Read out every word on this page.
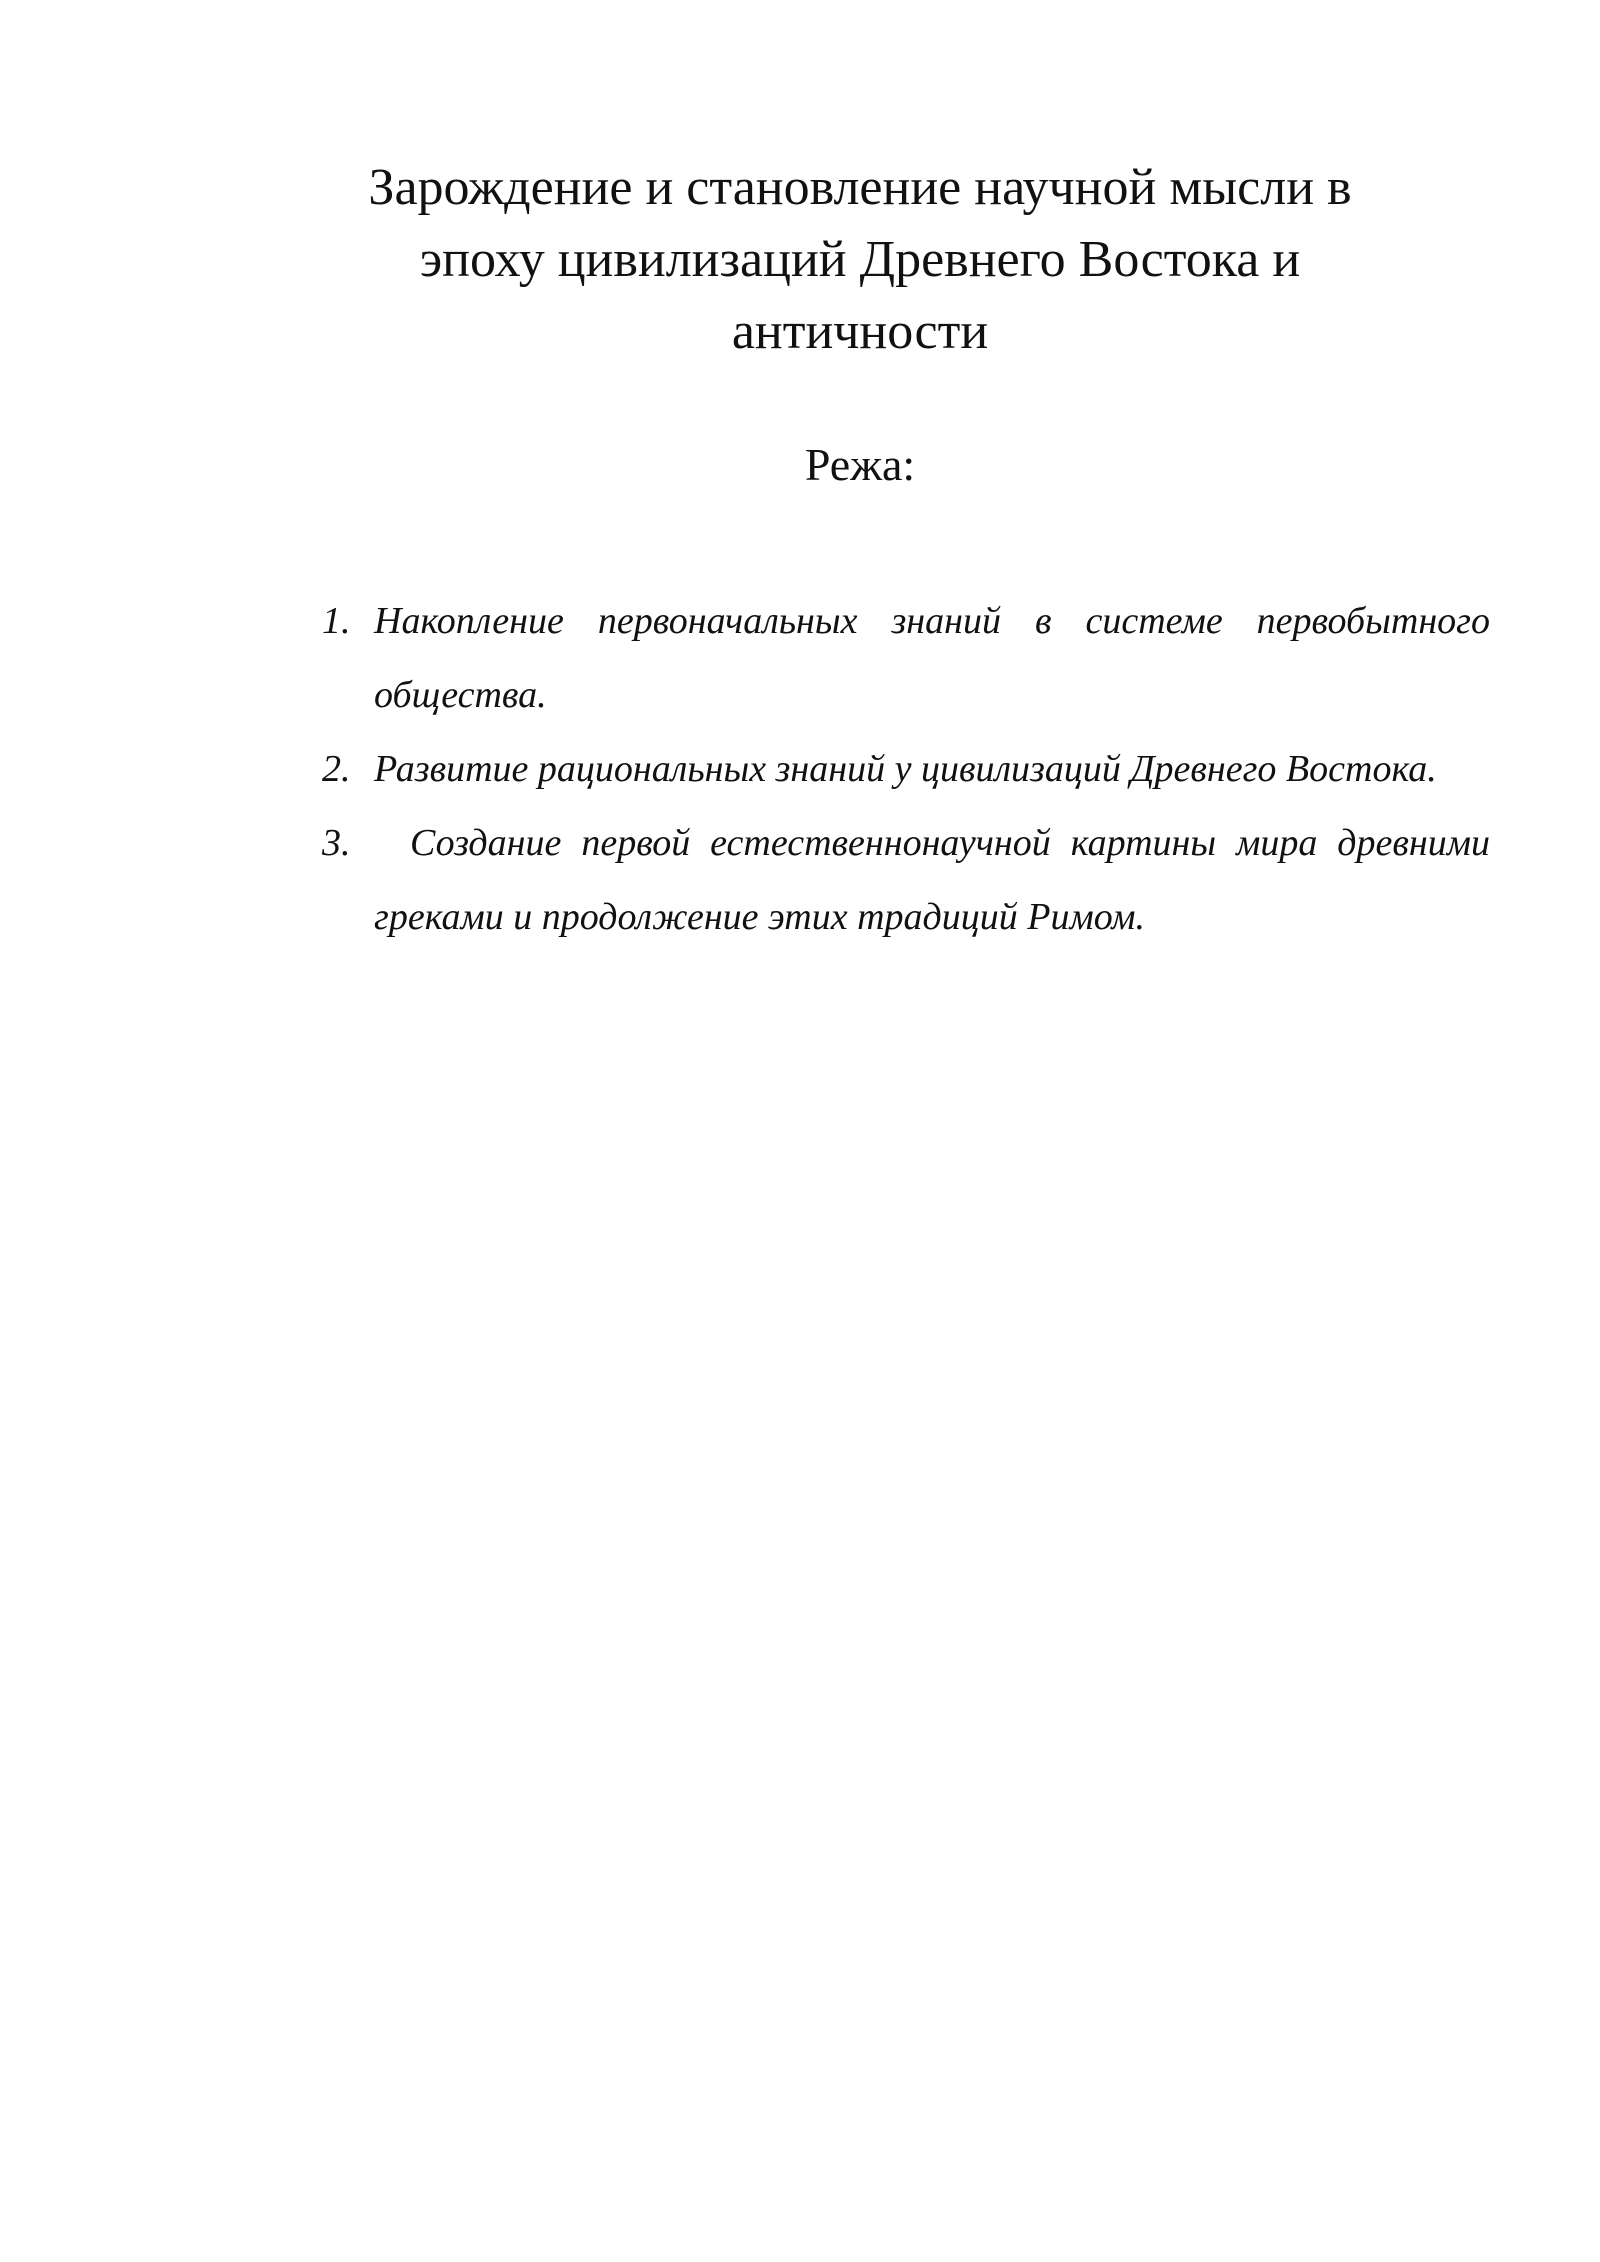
Зарождение и становление научной мысли в
эпоху цивилизаций Древнего Востока и
античности
Режа:
1. Накопление первоначальных знаний в системе первобытного общества.
2. Развитие рациональных знаний у цивилизаций Древнего Востока.
3.	Создание первой естественнонаучной картины мира древними греками и продолжение этих традиций Римом.
